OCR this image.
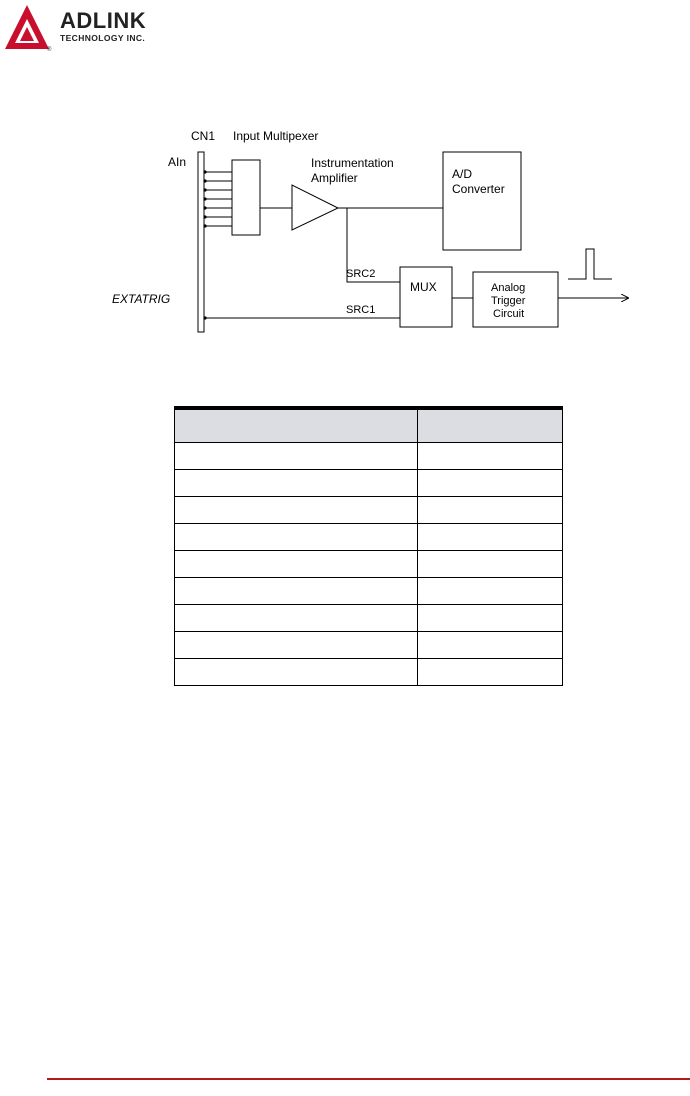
®
ADLINK
TECHNOLOGY INC.
CN1 Input Multipexer
AIn	Instrumentation
Amplifier	A/D
Converter
SRC2
MUX
SRC1
EXTATRIG
Analog
Trigger
Circuit
